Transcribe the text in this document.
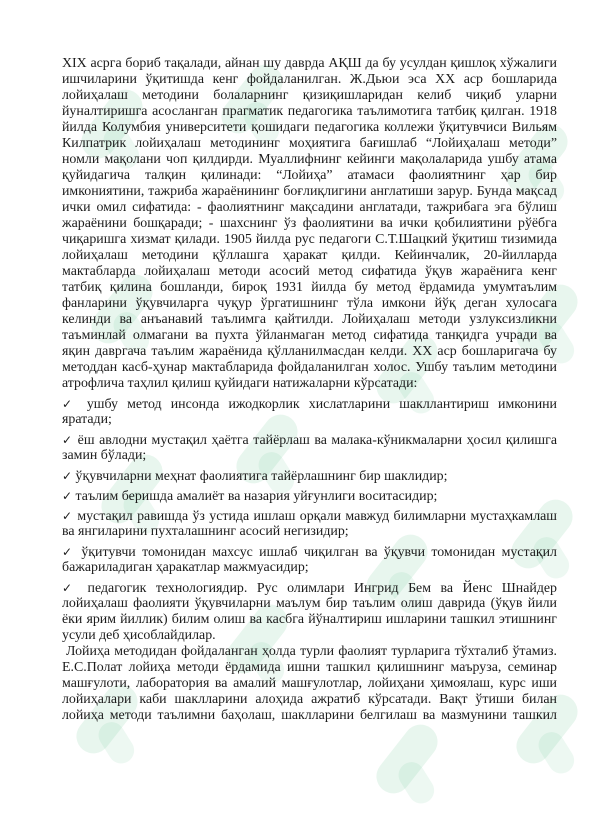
XIX асрга бориб тақалади, айнан шу даврда АҚШ да бу усулдан қишлоқ хўжалиги
ишчиларини ўқитишда кенг фойдаланилган. Ж.Дьюи эса XX аср бошларида
лойиҳалаш методини болаларнинг қизиқишларидан келиб чиқиб уларни
йуналтиришга асосланган прагматик педагогика таълимотига татбиқ қилган. 1918
йилда Колумбия университети қошидаги педагогика коллежи ўқитувчиси Вильям
Килпатрик лойиҳалаш методининг моҳиятига бағишлаб “Лойиҳалаш методи”
номли мақолани чоп қилдирди. Муаллифнинг кейинги мақолаларида ушбу атама
қуйидагича талқин қилинади: “Лойиҳа” атамаси фаолиятнинг ҳар бир
имкониятини, тажриба жараёнининг боғлиқлигини англатиши зарур. Бунда мақсад
ички омил сифатида: - фаолиятнинг мақсадини англатади, тажрибага эга бўлиш
жараёнини бошқаради; - шахснинг ўз фаолиятини ва ички қобилиятини рўёбга
чиқаришга хизмат қилади. 1905 йилда рус педагоги С.Т.Шацкий ўқитиш тизимида
лойиҳалаш методини қўллашга ҳаракат қилди. Кейинчалик, 20-йилларда
мактабларда лойиҳалаш методи асосий метод сифатида ўқув жараёнига кенг
татбиқ қилина бошланди, бироқ 1931 йилда бу метод ёрдамида умумтаълим
фанларини ўқувчиларга чуқур ўргатишнинг тўла имкони йўқ деган хулосага
келинди ва анъанавий таълимга қайтилди. Лойиҳалаш методи узлуксизликни
таъминлай олмагани ва пухта ўйланмаган метод сифатида танқидга учради ва
яқин давргача таълим жараёнида қўлланилмасдан келди. XX аср бошларигача бу
методдан касб-ҳунар мактабларида фойдаланилган холос. Ушбу таълим методини
атрофлича таҳлил қилиш қуйидаги натижаларни кўрсатади:
✓ ушбу метод инсонда ижодкорлик хислатларини шакллантириш имконини
яратади;
✓ ёш авлодни мустақил ҳаётга тайёрлаш ва малака-кўникмаларни ҳосил қилишга
замин бўлади;
✓ ўқувчиларни меҳнат фаолиятига тайёрлашнинг бир шаклидир;
✓ таълим беришда амалиёт ва назария уйғунлиги воситасидир;
✓ мустақил равишда ўз устида ишлаш орқали мавжуд билимларни мустаҳкамлаш
ва янгиларини пухталашнинг асосий негизидир;
✓ ўқитувчи томонидан махсус ишлаб чиқилган ва ўқувчи томонидан мустақил
бажариладиган ҳаракатлар мажмуасидир;
✓ педагогик технологиядир. Рус олимлари Ингрид Бем ва Йенс Шнайдер
лойиҳалаш фаолияти ўқувчиларни маълум бир таълим олиш даврида (ўқув йили
ёки ярим йиллик) билим олиш ва касбга йўналтириш ишларини ташкил этишнинг
усули деб ҳисоблайдилар.
Лойиҳа методидан фойдаланган ҳолда турли фаолият турларига тўхталиб ўтамиз.
Е.С.Полат лойиҳа методи ёрдамида ишни ташкил қилишнинг маъруза, семинар
машғулоти, лаборатория ва амалий машғулотлар, лойиҳани ҳимоялаш, курс иши
лойиҳалари каби шаклларини алоҳида ажратиб кўрсатади. Вақт ўтиши билан
лойиҳа методи таълимни баҳолаш, шаклларини белгилаш ва мазмунини ташкил
